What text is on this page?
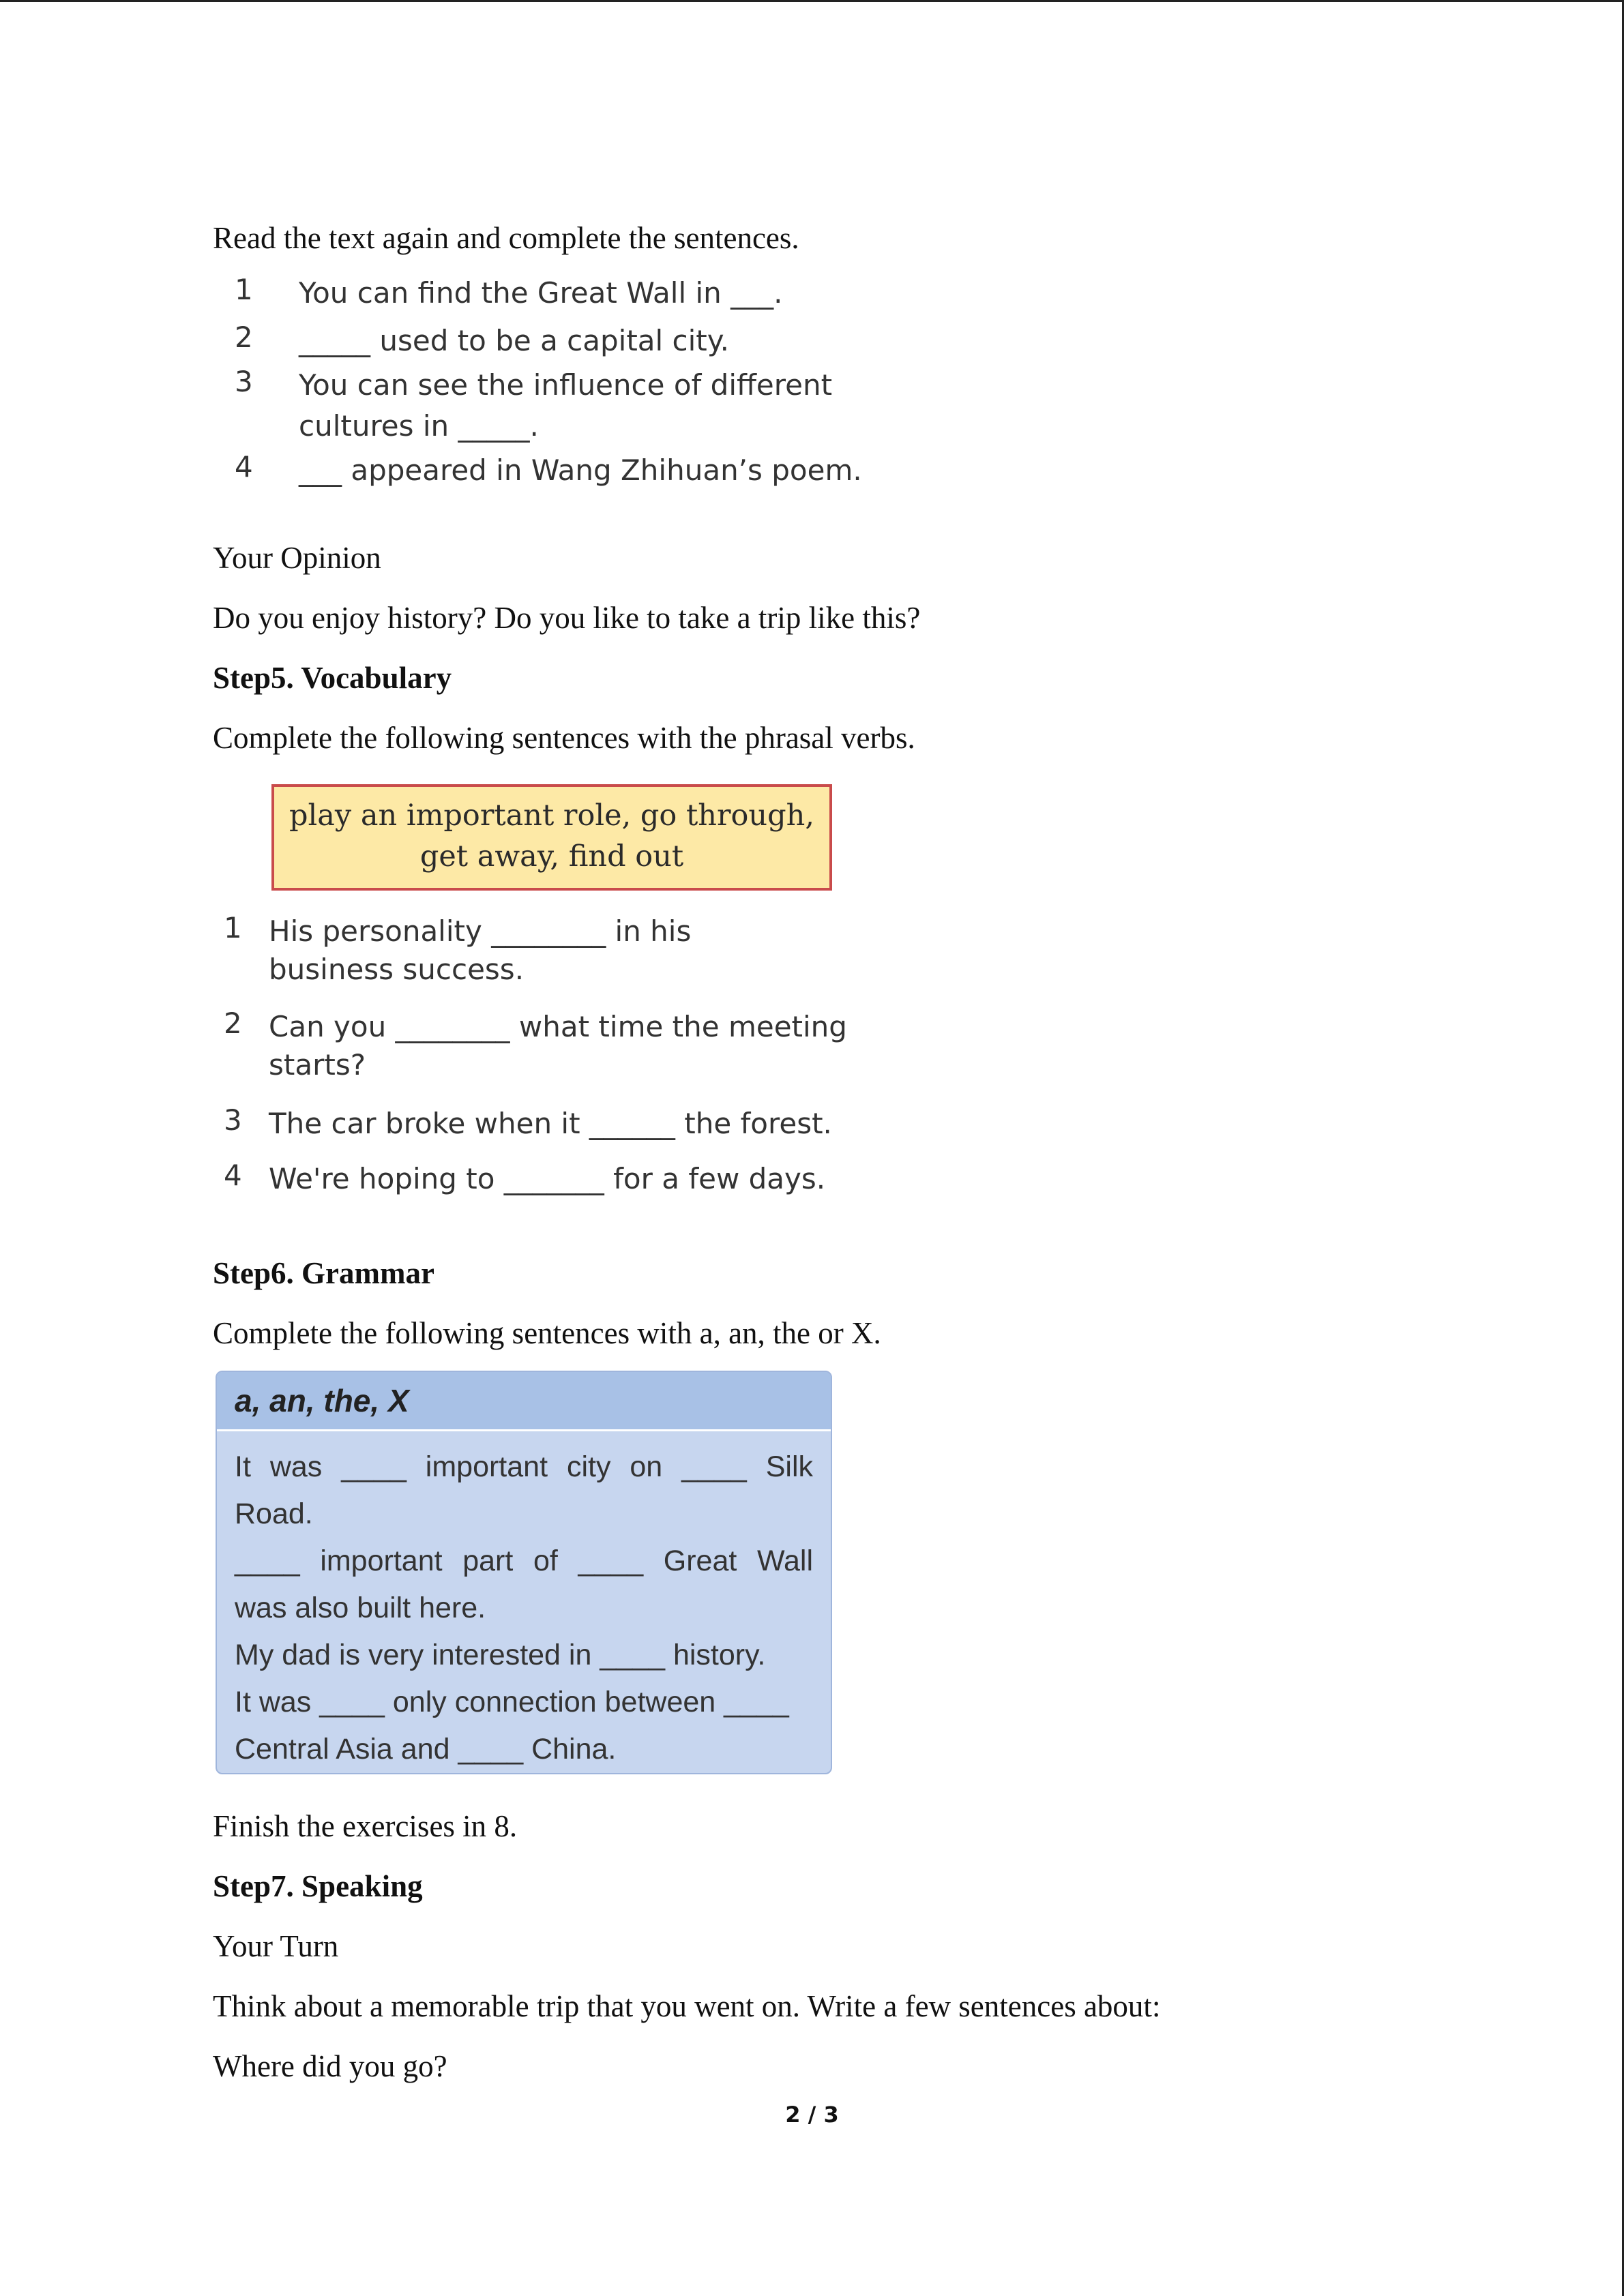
Read the text again and complete the sentences.
1 You can find the Great Wall in ___.
2 _____ used to be a capital city.
3 You can see the influence of different
cultures in _____.
4 ___ appeared in Wang Zhihuan’s poem.
Your Opinion
Do you enjoy history? Do you like to take a trip like this?
Step5. Vocabulary
Complete the following sentences with the phrasal verbs.
play an important role, go through,
get away, find out
1 His personality ________ in his
business success.
2 Can you ________ what time the meeting
starts?
3 The car broke when it ______ the forest.
4 We're hoping to _______ for a few days.
Step6. Grammar
Complete the following sentences with a, an, the or X.
a, an, the, X
It was ____ important city on ____ Silk
Road.
____ important part of ____ Great Wall
was also built here.
My dad is very interested in ____ history.
It was ____ only connection between ____
Central Asia and ____ China.
Finish the exercises in 8.
Step7. Speaking
Your Turn
Think about a memorable trip that you went on. Write a few sentences about:
Where did you go?
2 / 3
